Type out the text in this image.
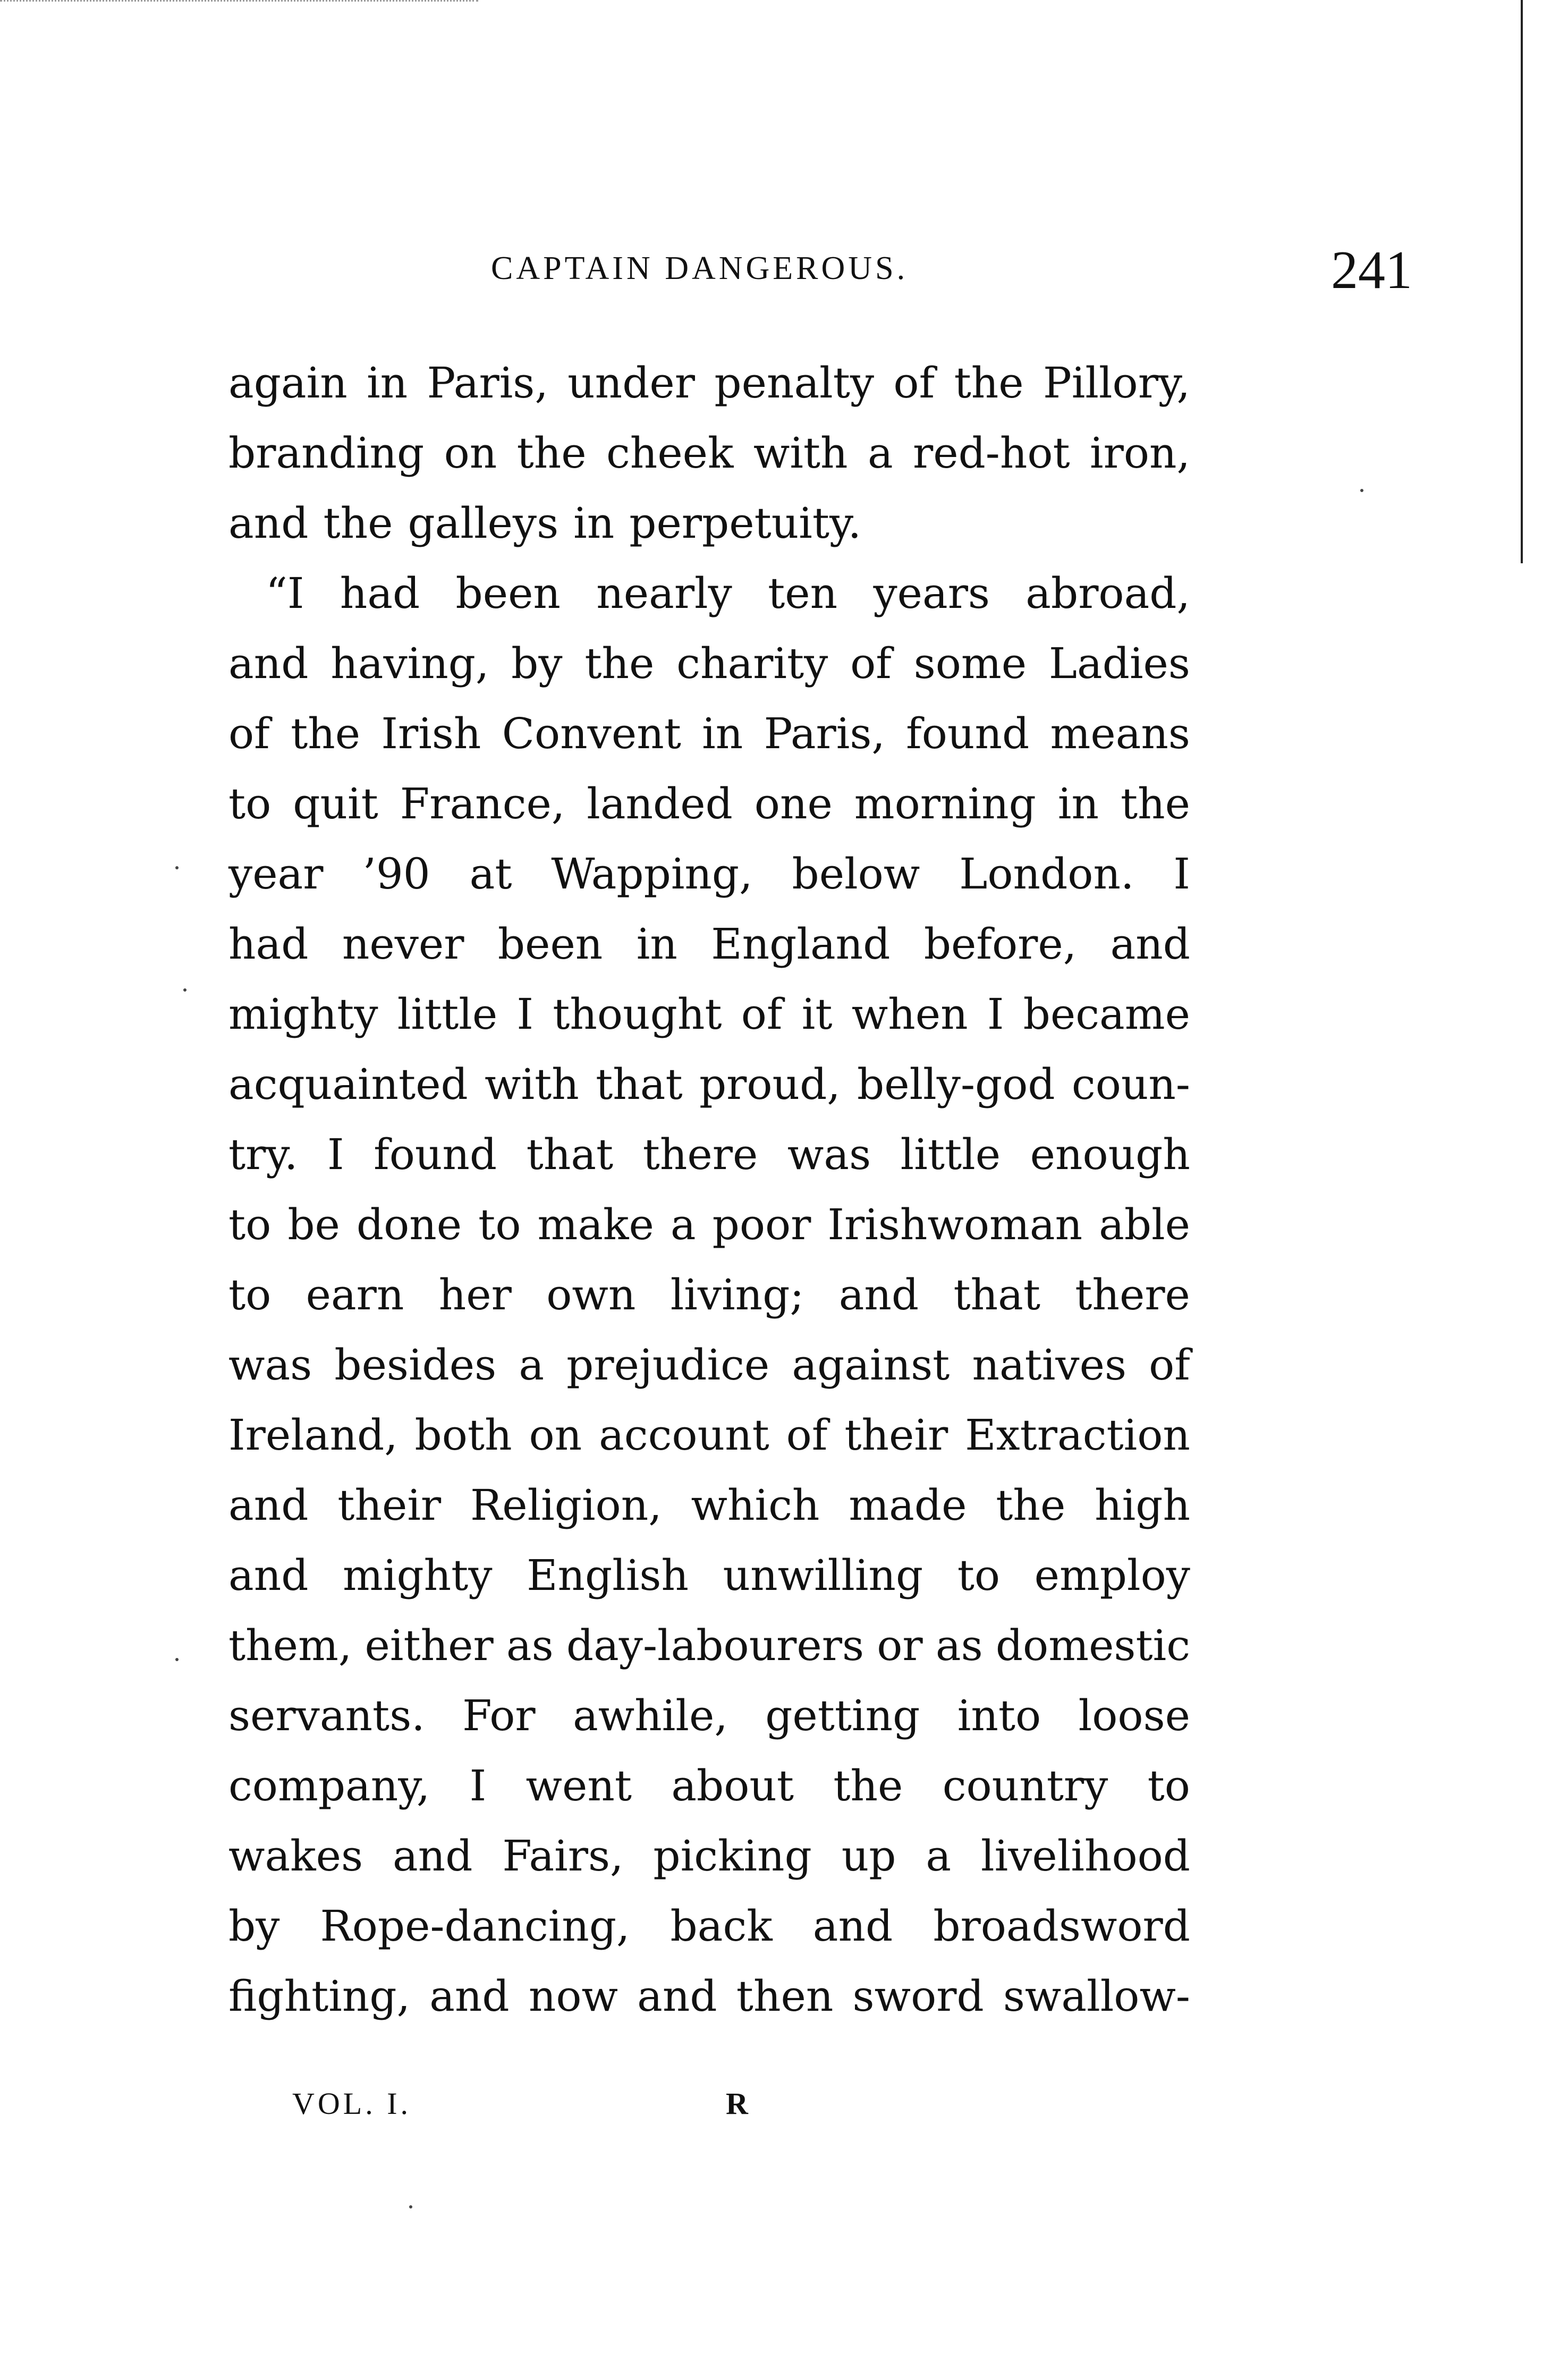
CAPTAIN DANGEROUS.	241
again in Paris, under penalty of the Pillory,
branding on the cheek with a red-hot iron,
and the galleys in perpetuity.
“I had been nearly ten years abroad,
and having, by the charity of some Ladies
of the Irish Convent in Paris, found means
to quit France, landed one morning in the
year ’90 at Wapping, below London. I
had never been in England before, and
mighty little I thought of it when I became
acquainted with that proud, belly-god coun-
try. I found that there was little enough
to be done to make a poor Irishwoman able
to earn her own living; and that there
was besides a prejudice against natives of
Ireland, both on account of their Extraction
and their Religion, which made the high
and mighty English unwilling to employ
them, either as day-labourers or as domestic
servants. For awhile, getting into loose
company, I went about the country to
wakes and Fairs, picking up a livelihood
by Rope-dancing, back and broadsword
fighting, and now and then sword swallow-
VOL. I.	R
